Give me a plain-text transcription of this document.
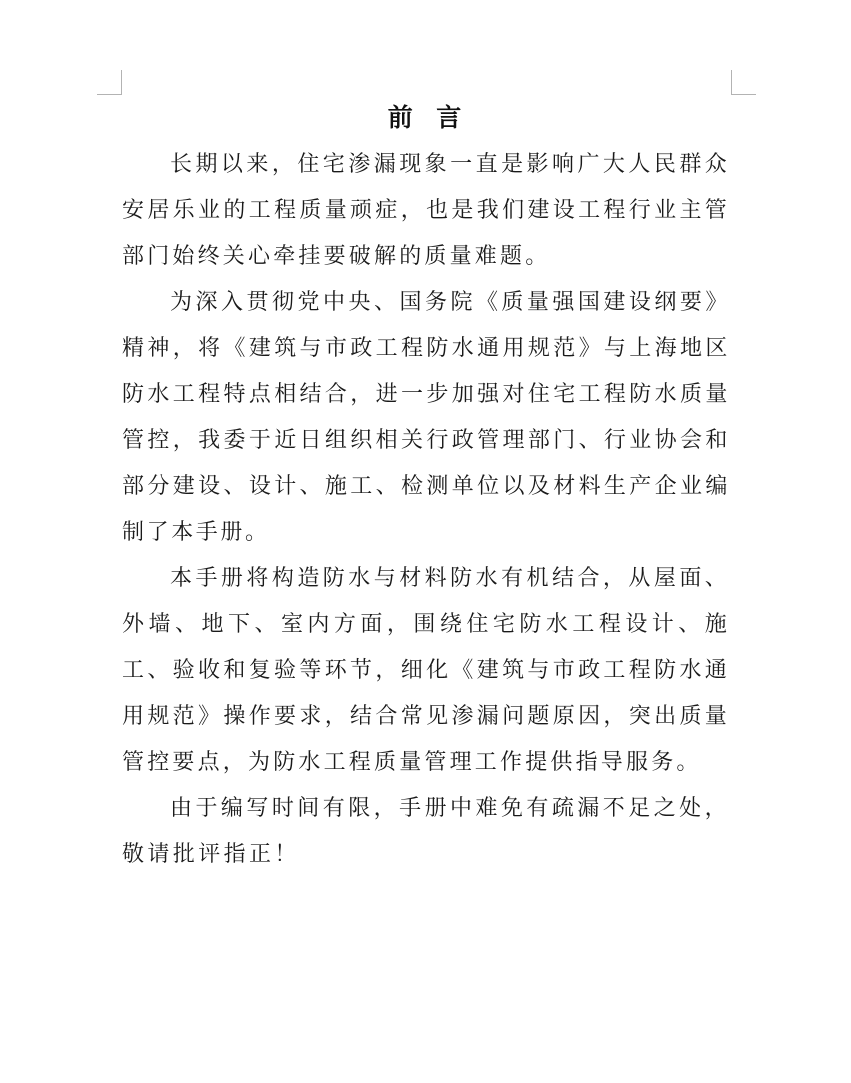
前  言

长期以来，住宅渗漏现象一直是影响广大人民群众安居乐业的工程质量顽症，也是我们建设工程行业主管部门始终关心牵挂要破解的质量难题。

为深入贯彻党中央、国务院《质量强国建设纲要》精神，将《建筑与市政工程防水通用规范》与上海地区防水工程特点相结合，进一步加强对住宅工程防水质量管控，我委于近日组织相关行政管理部门、行业协会和部分建设、设计、施工、检测单位以及材料生产企业编制了本手册。

本手册将构造防水与材料防水有机结合，从屋面、外墙、地下、室内方面，围绕住宅防水工程设计、施工、验收和复验等环节，细化《建筑与市政工程防水通用规范》操作要求，结合常见渗漏问题原因，突出质量管控要点，为防水工程质量管理工作提供指导服务。

由于编写时间有限，手册中难免有疏漏不足之处，敬请批评指正！
